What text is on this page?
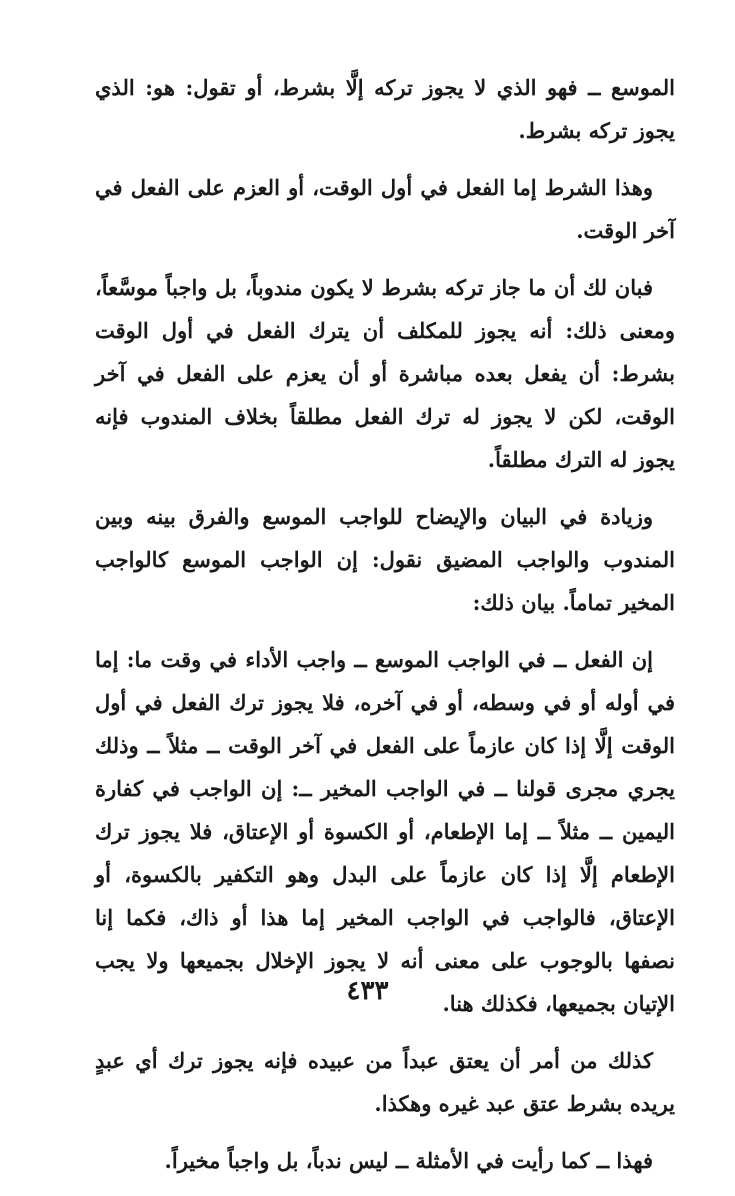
الموسع ــ فهو الذي لا يجوز تركه إلَّا بشرط، أو تقول: هو: الذي يجوز تركه بشرط.

وهذا الشرط إما الفعل في أول الوقت، أو العزم على الفعل في آخر الوقت.

فبان لك أن ما جاز تركه بشرط لا يكون مندوباً، بل واجباً موسَّعاً، ومعنى ذلك: أنه يجوز للمكلف أن يترك الفعل في أول الوقت بشرط: أن يفعل بعده مباشرة أو أن يعزم على الفعل في آخر الوقت، لكن لا يجوز له ترك الفعل مطلقاً بخلاف المندوب فإنه يجوز له الترك مطلقاً.

وزيادة في البيان والإيضاح للواجب الموسع والفرق بينه وبين المندوب والواجب المضيق نقول: إن الواجب الموسع كالواجب المخير تماماً. بيان ذلك:

إن الفعل ــ في الواجب الموسع ــ واجب الأداء في وقت ما: إما في أوله أو في وسطه، أو في آخره، فلا يجوز ترك الفعل في أول الوقت إلَّا إذا كان عازماً على الفعل في آخر الوقت ــ مثلاً ــ وذلك يجري مجرى قولنا ــ في الواجب المخير ــ: إن الواجب في كفارة اليمين ــ مثلاً ــ إما الإطعام، أو الكسوة أو الإعتاق، فلا يجوز ترك الإطعام إلَّا إذا كان عازماً على البدل وهو التكفير بالكسوة، أو الإعتاق، فالواجب في الواجب المخير إما هذا أو ذاك، فكما إنا نصفها بالوجوب على معنى أنه لا يجوز الإخلال بجميعها ولا يجب الإتيان بجميعها، فكذلك هنا.

كذلك من أمر أن يعتق عبداً من عبيده فإنه يجوز ترك أي عبدٍ يريده بشرط عتق عبد غيره وهكذا.

فهذا ــ كما رأيت في الأمثلة ــ ليس ندباً، بل واجباً مخيراً.

٤٣٣
